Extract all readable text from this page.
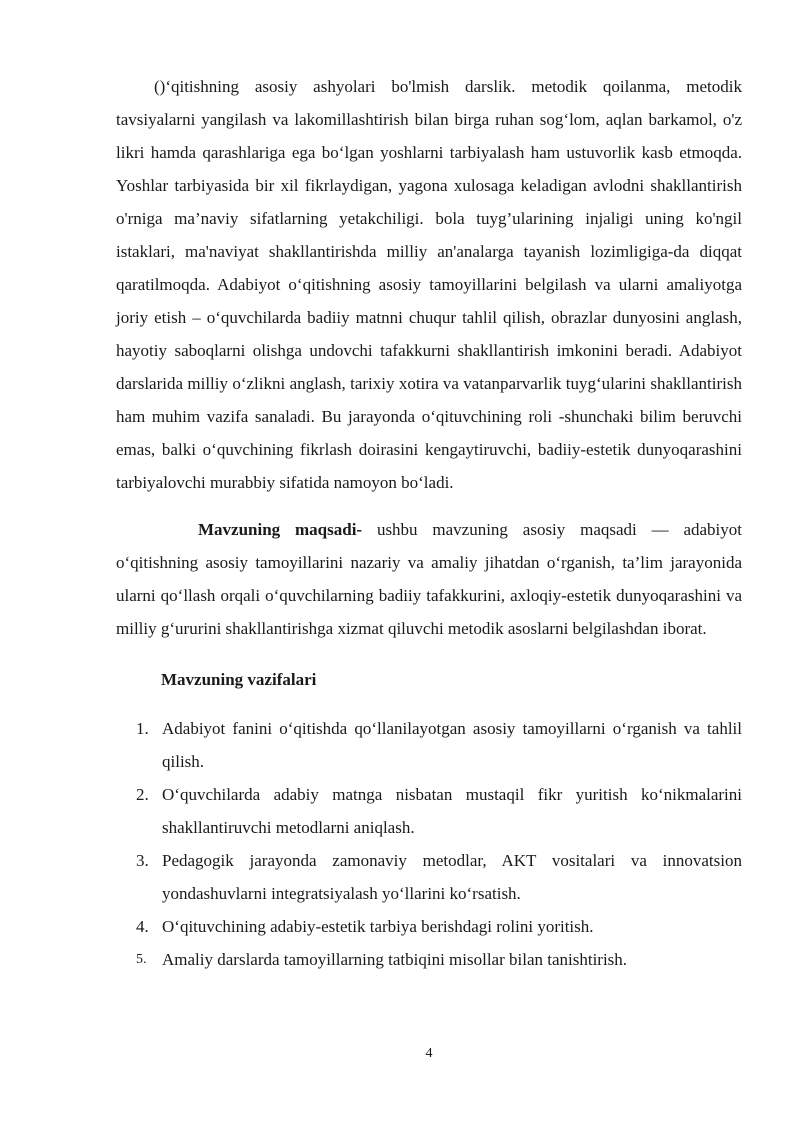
()‘qitishning asosiy ashyolari bo'lmish darslik. metodik qoilanma, metodik tavsiyalarni yangilash va lakomillashtirish bilan birga ruhan sog‘lom, aqlan barkamol, o'z likri hamda qarashlariga ega bo‘lgan yoshlarni tarbiyalash ham ustuvorlik kasb etmoqda. Yoshlar tarbiyasida bir xil fikrlaydigan, yagona xulosaga keladigan avlodni shakllantirish o'rniga ma’naviy sifatlarning yetakchiligi. bola tuyg’ularining injaligi uning ko'ngil istaklari, ma'naviyat shakllantirishda milliy an'analarga tayanish lozimligiga-da diqqat qaratilmoqda. Adabiyot o‘qitishning asosiy tamoyillarini belgilash va ularni amaliyotga joriy etish – o‘quvchilarda badiiy matnni chuqur tahlil qilish, obrazlar dunyosini anglash, hayotiy saboqlarni olishga undovchi tafakkurni shakllantirish imkonini beradi. Adabiyot darslarida milliy o‘zlikni anglash, tarixiy xotira va vatanparvarlik tuyg‘ularini shakllantirish ham muhim vazifa sanaladi. Bu jarayonda o‘qituvchining roli -shunchaki bilim beruvchi emas, balki o‘quvchining fikrlash doirasini kengaytiruvchi, badiiy-estetik dunyoqarashini tarbiyalovchi murabbiy sifatida namoyon bo‘ladi.

Mavzuning maqsadi- ushbu mavzuning asosiy maqsadi — adabiyot o‘qitishning asosiy tamoyillarini nazariy va amaliy jihatdan o‘rganish, ta’lim jarayonida ularni qo‘llash orqali o‘quvchilarning badiiy tafakkurini, axloqiy-estetik dunyoqarashini va milliy g‘ururini shakllantirishga xizmat qiluvchi metodik asoslarni belgilashdan iborat.

Mavzuning vazifalari

1. Adabiyot fanini o‘qitishda qo‘llanilayotgan asosiy tamoyillarni o‘rganish va tahlil qilish.
2. O‘quvchilarda adabiy matnga nisbatan mustaqil fikr yuritish ko‘nikmalarini shakllantiruvchi metodlarni aniqlash.
3. Pedagogik jarayonda zamonaviy metodlar, AKT vositalari va innovatsion yondashuvlarni integratsiyalash yo‘llarini ko‘rsatish.
4. O‘qituvchining adabiy-estetik tarbiya berishdagi rolini yoritish.
5. Amaliy darslarda tamoyillarning tatbiqini misollar bilan tanishtirish.
4
